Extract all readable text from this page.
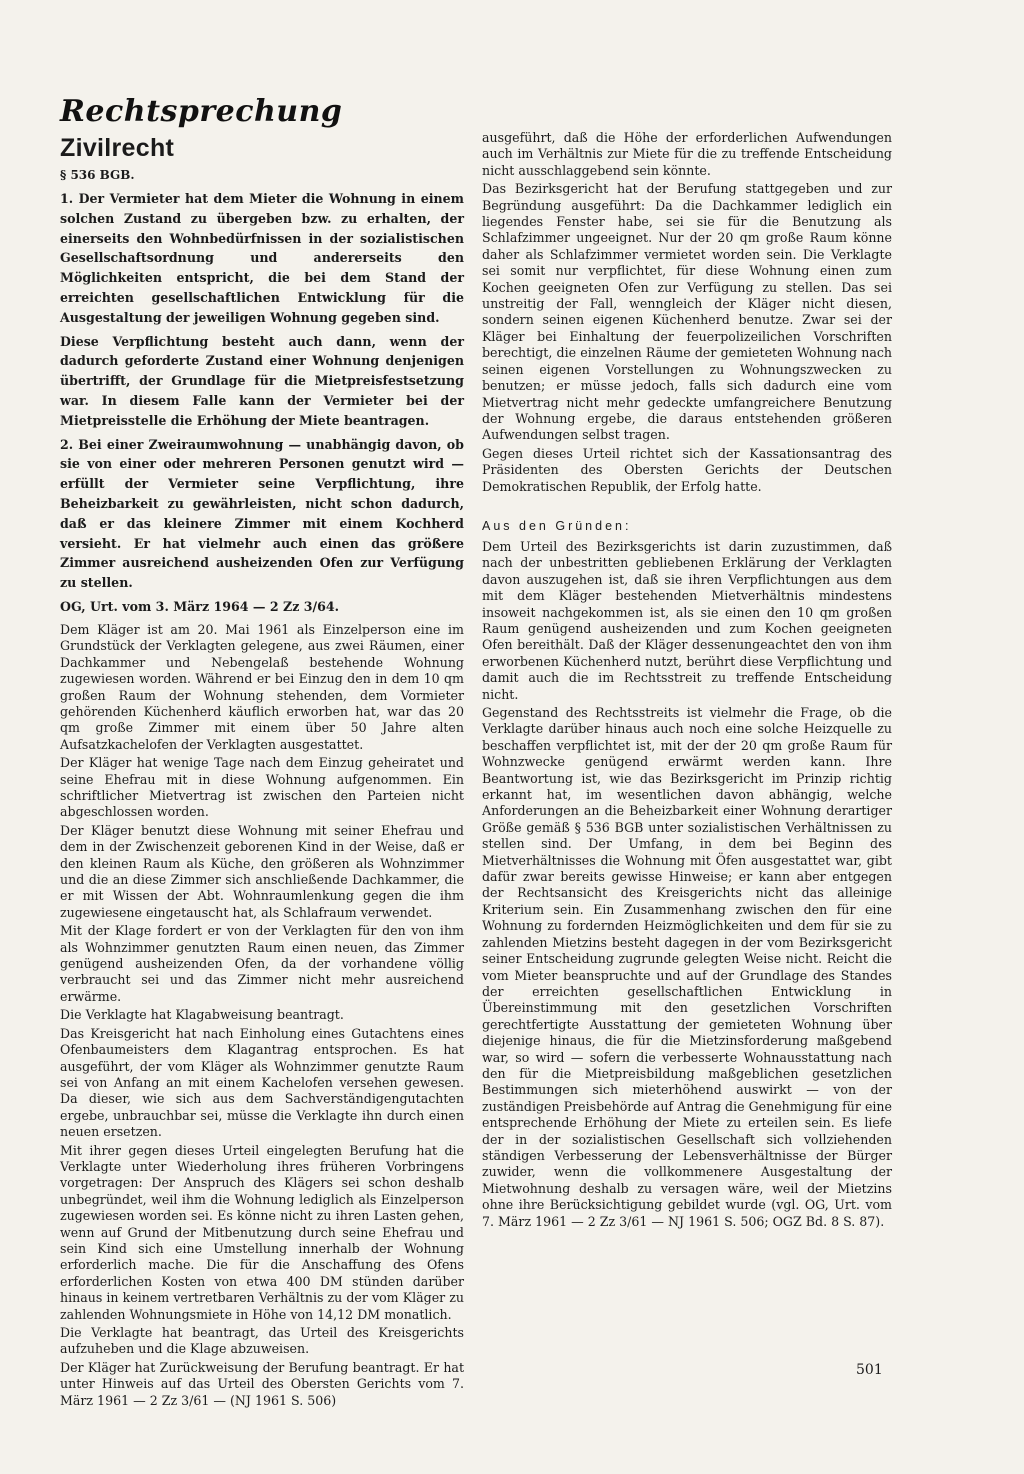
Rechtsprechung
Zivilrecht
§ 536 BGB.

1. Der Vermieter hat dem Mieter die Wohnung in einem solchen Zustand zu übergeben bzw. zu erhalten, der einerseits den Wohnbedürfnissen in der sozialistischen Gesellschaftsordnung und andererseits den Möglichkeiten entspricht, die bei dem Stand der erreichten gesellschaftlichen Entwicklung für die Ausgestaltung der jeweiligen Wohnung gegeben sind.

Diese Verpflichtung besteht auch dann, wenn der dadurch geforderte Zustand einer Wohnung denjenigen übertrifft, der Grundlage für die Mietpreisfestsetzung war. In diesem Falle kann der Vermieter bei der Mietpreisstelle die Erhöhung der Miete beantragen.

2. Bei einer Zweiraumwohnung — unabhängig davon, ob sie von einer oder mehreren Personen genutzt wird — erfüllt der Vermieter seine Verpflichtung, ihre Beheizbarkeit zu gewährleisten, nicht schon dadurch, daß er das kleinere Zimmer mit einem Kochherd versieht. Er hat vielmehr auch einen das größere Zimmer ausreichend ausheizenden Ofen zur Verfügung zu stellen.

OG, Urt. vom 3. März 1964 — 2 Zz 3/64.

Dem Kläger ist am 20. Mai 1961 als Einzelperson eine im Grundstück der Verklagten gelegene, aus zwei Räumen, einer Dachkammer und Nebengelaß bestehende Wohnung zugewiesen worden. Während er bei Einzug den in dem 10 qm großen Raum der Wohnung stehenden, dem Vormieter gehörenden Küchenherd käuflich erworben hat, war das 20 qm große Zimmer mit einem über 50 Jahre alten Aufsatzkachelofen der Verklagten ausgestattet.

Der Kläger hat wenige Tage nach dem Einzug geheiratet und seine Ehefrau mit in diese Wohnung aufgenommen. Ein schriftlicher Mietvertrag ist zwischen den Parteien nicht abgeschlossen worden.

Der Kläger benutzt diese Wohnung mit seiner Ehefrau und dem in der Zwischenzeit geborenen Kind in der Weise, daß er den kleinen Raum als Küche, den größeren als Wohnzimmer und die an diese Zimmer sich anschließende Dachkammer, die er mit Wissen der Abt. Wohnraumlenkung gegen die ihm zugewiesene eingetauscht hat, als Schlafraum verwendet.

Mit der Klage fordert er von der Verklagten für den von ihm als Wohnzimmer genutzten Raum einen neuen, das Zimmer genügend ausheizenden Ofen, da der vorhandene völlig verbraucht sei und das Zimmer nicht mehr ausreichend erwärme.

Die Verklagte hat Klagabweisung beantragt.

Das Kreisgericht hat nach Einholung eines Gutachtens eines Ofenbaumeisters dem Klagantrag entsprochen. Es hat ausgeführt, der vom Kläger als Wohnzimmer genutzte Raum sei von Anfang an mit einem Kachelofen versehen gewesen. Da dieser, wie sich aus dem Sachverständigengutachten ergebe, unbrauchbar sei, müsse die Verklagte ihn durch einen neuen ersetzen.

Mit ihrer gegen dieses Urteil eingelegten Berufung hat die Verklagte unter Wiederholung ihres früheren Vorbringens vorgetragen: Der Anspruch des Klägers sei schon deshalb unbegründet, weil ihm die Wohnung lediglich als Einzelperson zugewiesen worden sei. Es könne nicht zu ihren Lasten gehen, wenn auf Grund der Mitbenutzung durch seine Ehefrau und sein Kind sich eine Umstellung innerhalb der Wohnung erforderlich mache. Die für die Anschaffung des Ofens erforderlichen Kosten von etwa 400 DM stünden darüber hinaus in keinem vertretbaren Verhältnis zu der vom Kläger zu zahlenden Wohnungsmiete in Höhe von 14,12 DM monatlich.

Die Verklagte hat beantragt, das Urteil des Kreisgerichts aufzuheben und die Klage abzuweisen.

Der Kläger hat Zurückweisung der Berufung beantragt. Er hat unter Hinweis auf das Urteil des Obersten Gerichts vom 7. März 1961 — 2 Zz 3/61 — (NJ 1961 S. 506)

ausgeführt, daß die Höhe der erforderlichen Aufwendungen auch im Verhältnis zur Miete für die zu treffende Entscheidung nicht ausschlaggebend sein könnte.

Das Bezirksgericht hat der Berufung stattgegeben und zur Begründung ausgeführt: Da die Dachkammer lediglich ein liegendes Fenster habe, sei sie für die Benutzung als Schlafzimmer ungeeignet. Nur der 20 qm große Raum könne daher als Schlafzimmer vermietet worden sein. Die Verklagte sei somit nur verpflichtet, für diese Wohnung einen zum Kochen geeigneten Ofen zur Verfügung zu stellen. Das sei unstreitig der Fall, wenngleich der Kläger nicht diesen, sondern seinen eigenen Küchenherd benutze. Zwar sei der Kläger bei Einhaltung der feuerpolizeilichen Vorschriften berechtigt, die einzelnen Räume der gemieteten Wohnung nach seinen eigenen Vorstellungen zu Wohnungszwecken zu benutzen; er müsse jedoch, falls sich dadurch eine vom Mietvertrag nicht mehr gedeckte umfangreichere Benutzung der Wohnung ergebe, die daraus entstehenden größeren Aufwendungen selbst tragen.

Gegen dieses Urteil richtet sich der Kassationsantrag des Präsidenten des Obersten Gerichts der Deutschen Demokratischen Republik, der Erfolg hatte.

Aus den Gründen:

Dem Urteil des Bezirksgerichts ist darin zuzustimmen, daß nach der unbestritten gebliebenen Erklärung der Verklagten davon auszugehen ist, daß sie ihren Verpflichtungen aus dem mit dem Kläger bestehenden Mietverhältnis mindestens insoweit nachgekommen ist, als sie einen den 10 qm großen Raum genügend ausheizenden und zum Kochen geeigneten Ofen bereithält. Daß der Kläger dessenungeachtet den von ihm erworbenen Küchenherd nutzt, berührt diese Verpflichtung und damit auch die im Rechtsstreit zu treffende Entscheidung nicht.

Gegenstand des Rechtsstreits ist vielmehr die Frage, ob die Verklagte darüber hinaus auch noch eine solche Heizquelle zu beschaffen verpflichtet ist, mit der der 20 qm große Raum für Wohnzwecke genügend erwärmt werden kann. Ihre Beantwortung ist, wie das Bezirksgericht im Prinzip richtig erkannt hat, im wesentlichen davon abhängig, welche Anforderungen an die Beheizbarkeit einer Wohnung derartiger Größe gemäß § 536 BGB unter sozialistischen Verhältnissen zu stellen sind. Der Umfang, in dem bei Beginn des Mietverhältnisses die Wohnung mit Öfen ausgestattet war, gibt dafür zwar bereits gewisse Hinweise; er kann aber entgegen der Rechtsansicht des Kreisgerichts nicht das alleinige Kriterium sein. Ein Zusammenhang zwischen den für eine Wohnung zu fordernden Heizmöglichkeiten und dem für sie zu zahlenden Mietzins besteht dagegen in der vom Bezirksgericht seiner Entscheidung zugrunde gelegten Weise nicht. Reicht die vom Mieter beanspruchte und auf der Grundlage des Standes der erreichten gesellschaftlichen Entwicklung in Übereinstimmung mit den gesetzlichen Vorschriften gerechtfertigte Ausstattung der gemieteten Wohnung über diejenige hinaus, die für die Mietzinsforderung maßgebend war, so wird — sofern die verbesserte Wohnausstattung nach den für die Mietpreisbildung maßgeblichen gesetzlichen Bestimmungen sich mieterhöhend auswirkt — von der zuständigen Preisbehörde auf Antrag die Genehmigung für eine entsprechende Erhöhung der Miete zu erteilen sein. Es liefe der in der sozialistischen Gesellschaft sich vollziehenden ständigen Verbesserung der Lebensverhältnisse der Bürger zuwider, wenn die vollkommenere Ausgestaltung der Mietwohnung deshalb zu versagen wäre, weil der Mietzins ohne ihre Berücksichtigung gebildet wurde (vgl. OG, Urt. vom 7. März 1961 — 2 Zz 3/61 — NJ 1961 S. 506; OGZ Bd. 8 S. 87).

501
